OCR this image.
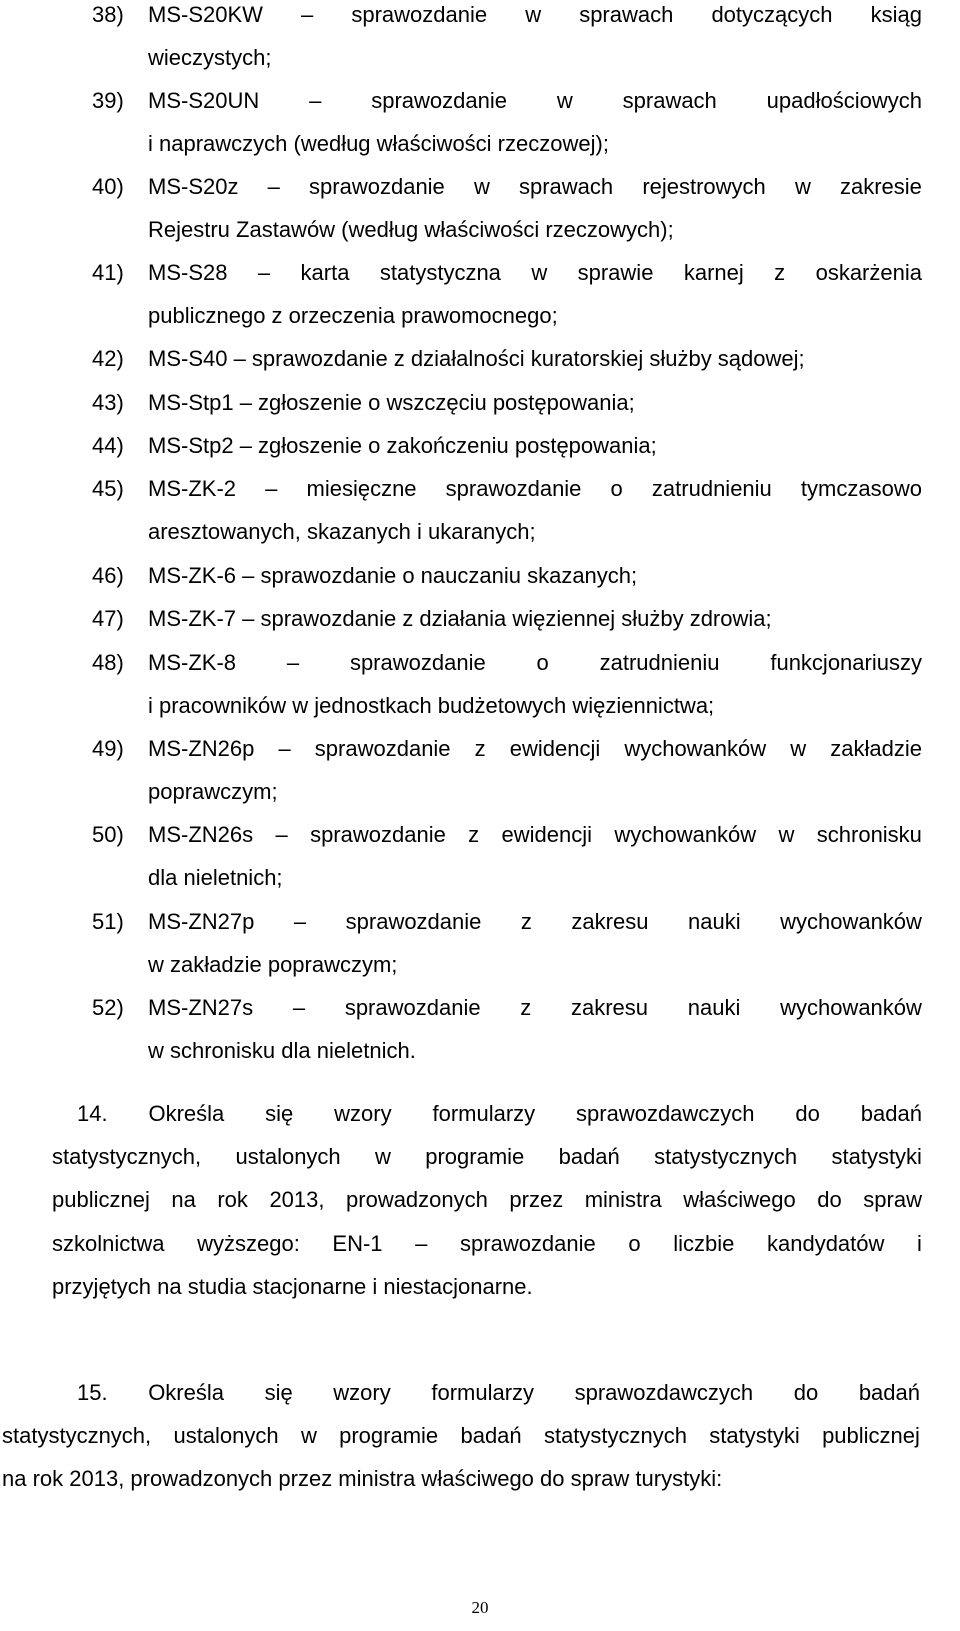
38) MS-S20KW – sprawozdanie w sprawach dotyczących ksiąg
wieczystych;
39) MS-S20UN – sprawozdanie w sprawach upadłościowych
i naprawczych (według właściwości rzeczowej);
40) MS-S20z – sprawozdanie w sprawach rejestrowych w zakresie
Rejestru Zastawów (według właściwości rzeczowych);
41) MS-S28 – karta statystyczna w sprawie karnej z oskarżenia
publicznego z orzeczenia prawomocnego;
42) MS-S40 – sprawozdanie z działalności kuratorskiej służby sądowej;
43) MS-Stp1 – zgłoszenie o wszczęciu postępowania;
44) MS-Stp2 – zgłoszenie o zakończeniu postępowania;
45) MS-ZK-2 – miesięczne sprawozdanie o zatrudnieniu tymczasowo
aresztowanych, skazanych i ukaranych;
46) MS-ZK-6 – sprawozdanie o nauczaniu skazanych;
47) MS-ZK-7 – sprawozdanie z działania więziennej służby zdrowia;
48) MS-ZK-8 – sprawozdanie o zatrudnieniu funkcjonariuszy
i pracowników w jednostkach budżetowych więziennictwa;
49) MS-ZN26p – sprawozdanie z ewidencji wychowanków w zakładzie
poprawczym;
50) MS-ZN26s – sprawozdanie z ewidencji wychowanków w schronisku
dla nieletnich;
51) MS-ZN27p – sprawozdanie z zakresu nauki wychowanków
w zakładzie poprawczym;
52) MS-ZN27s – sprawozdanie z zakresu nauki wychowanków
w schronisku dla nieletnich.
14. Określa się wzory formularzy sprawozdawczych do badań
statystycznych, ustalonych w programie badań statystycznych statystyki
publicznej na rok 2013, prowadzonych przez ministra właściwego do spraw
szkolnictwa wyższego: EN-1 – sprawozdanie o liczbie kandydatów i
przyjętych na studia stacjonarne i niestacjonarne.
15. Określa się wzory formularzy sprawozdawczych do badań
statystycznych, ustalonych w programie badań statystycznych statystyki publicznej
na rok 2013, prowadzonych przez ministra właściwego do spraw turystyki:
20
